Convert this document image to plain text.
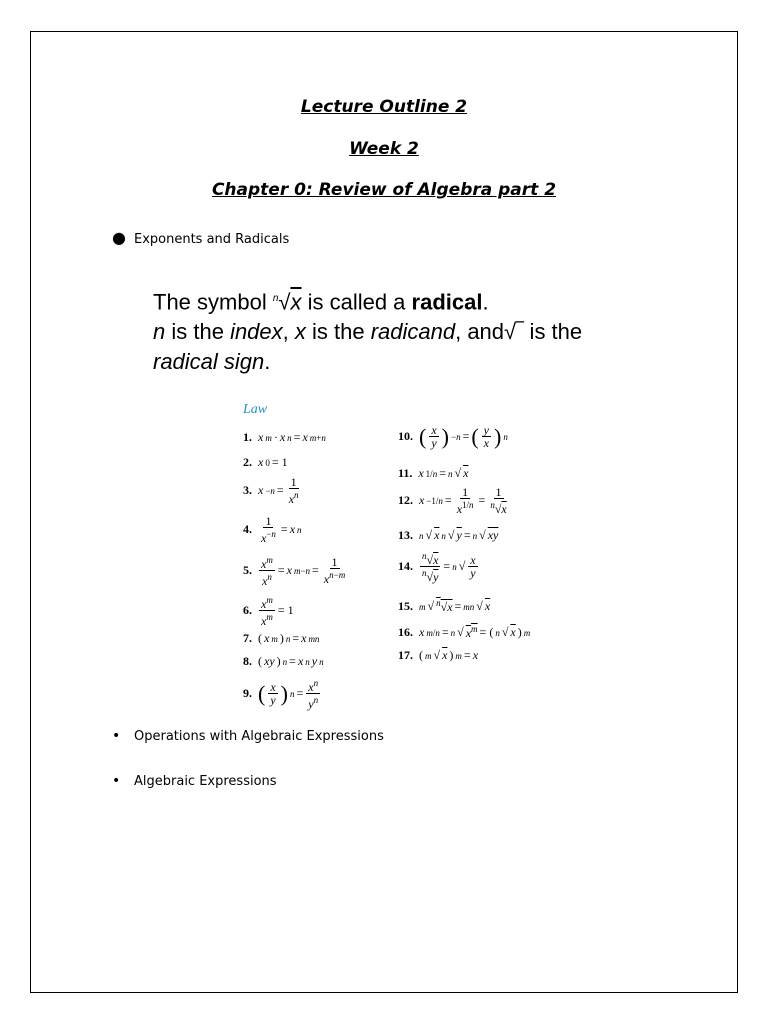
Lecture Outline 2
Week 2
Chapter 0: Review of Algebra part 2
● Exponents and Radicals
The symbol $^n$√x is called a radical.
n is the index, x is the radicand, and√‾ is the
radical sign.
Law
1. x m · x n = x m+n
2. x 0 = 1
3. $x -n = \frac{1}{x^n}$
4. $\frac{1}{x^{-n}} = x$ n
5. $\frac{x^m}{x^n} = x$ $m-n = \frac{1}{x^{n-m}}$
6. $\frac{x^m}{x^m} = 1$
7. ( x m ) n = x mn
8. ( xy ) n = x n y n
9. ( $\frac{x}{y}$ ) $n = \frac{x^n}{y^n}$
10. ( $\frac{x}{y}$ ) −n = ( $\frac{y}{x}$ ) n
11. x 1/n = n √ x
12. $x -1/n = \frac{1}{x^{1/n}} = \frac{1}{^n√x}$
13. n √ x n √ y = n √ xy
14. $\frac{^n√x}{^n√y} = n$ √ $\frac{x}{y}$
15. m √ $^n$√x = mn √ x
16. x m/n = n √ $x^m$ = ( n √ x ) m
17. ( m √ x ) m = x
• Operations with Algebraic Expressions
• Algebraic Expressions
